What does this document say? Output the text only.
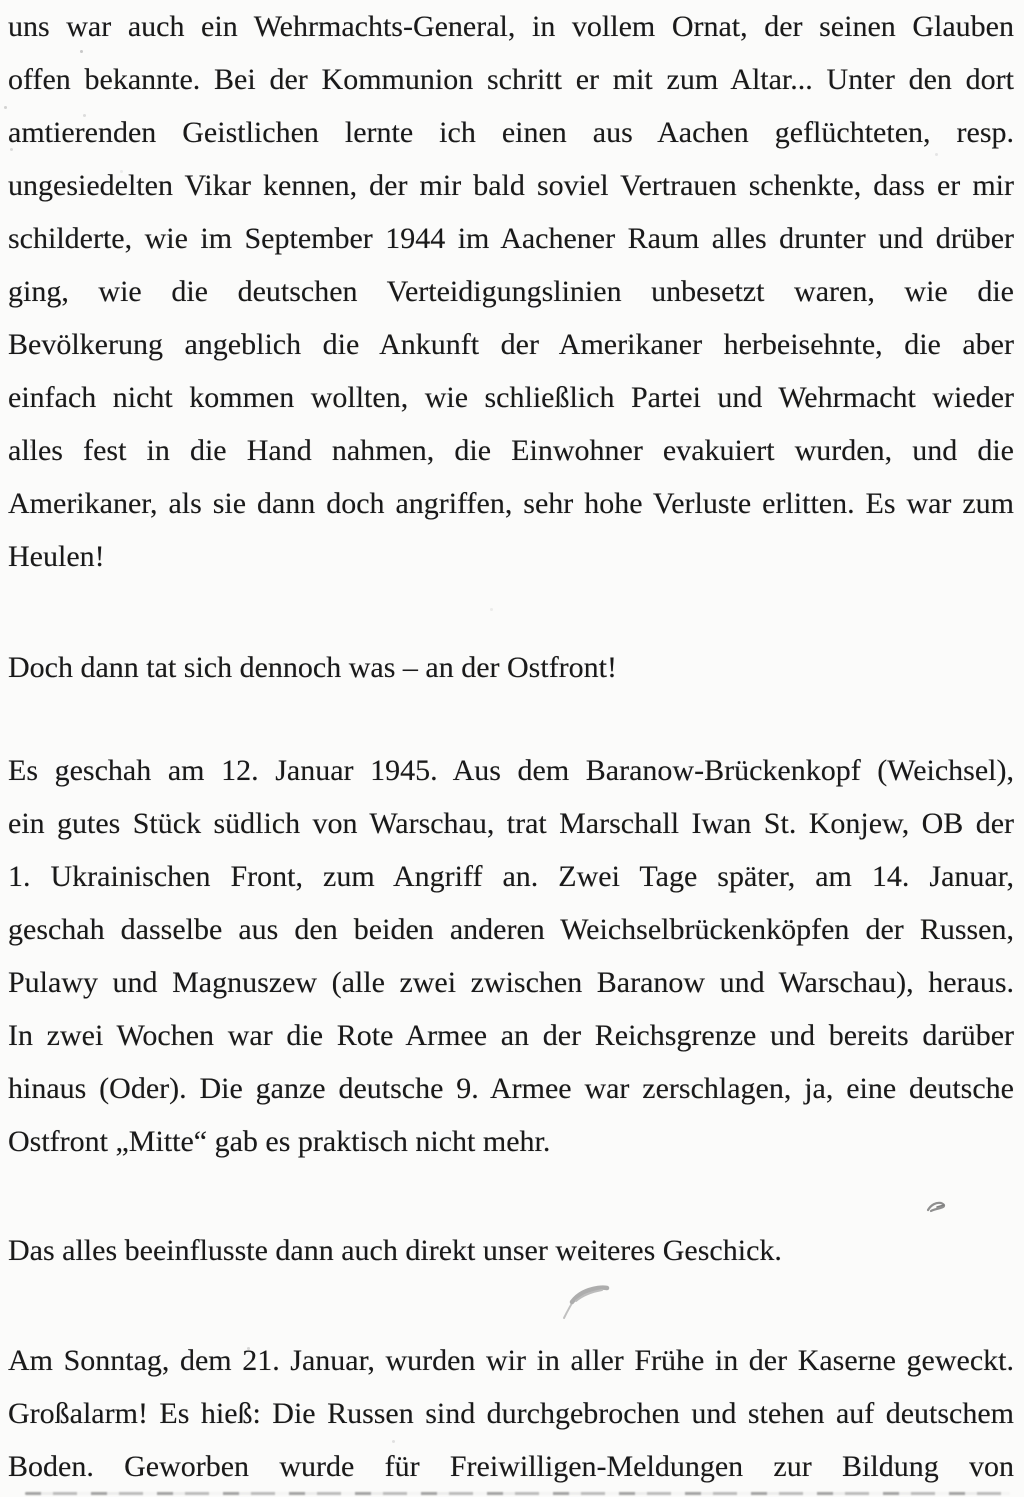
uns war auch ein Wehrmachts-General, in vollem Ornat, der seinen Glauben
offen bekannte. Bei der Kommunion schritt er mit zum Altar... Unter den dort
amtierenden Geistlichen lernte ich einen aus Aachen geflüchteten, resp.
ungesiedelten Vikar kennen, der mir bald soviel Vertrauen schenkte, dass er mir
schilderte, wie im September 1944 im Aachener Raum alles drunter und drüber
ging, wie die deutschen Verteidigungslinien unbesetzt waren, wie die
Bevölkerung angeblich die Ankunft der Amerikaner herbeisehnte, die aber
einfach nicht kommen wollten, wie schließlich Partei und Wehrmacht wieder
alles fest in die Hand nahmen, die Einwohner evakuiert wurden, und die
Amerikaner, als sie dann doch angriffen, sehr hohe Verluste erlitten. Es war zum
Heulen!
Doch dann tat sich dennoch was – an der Ostfront!
Es geschah am 12. Januar 1945. Aus dem Baranow-Brückenkopf (Weichsel),
ein gutes Stück südlich von Warschau, trat Marschall Iwan St. Konjew, OB der
1. Ukrainischen Front, zum Angriff an. Zwei Tage später, am 14. Januar,
geschah dasselbe aus den beiden anderen Weichselbrückenköpfen der Russen,
Pulawy und Magnuszew (alle zwei zwischen Baranow und Warschau), heraus.
In zwei Wochen war die Rote Armee an der Reichsgrenze und bereits darüber
hinaus (Oder). Die ganze deutsche 9. Armee war zerschlagen, ja, eine deutsche
Ostfront „Mitte“ gab es praktisch nicht mehr.
Das alles beeinflusste dann auch direkt unser weiteres Geschick.
Am Sonntag, dem 21. Januar, wurden wir in aller Frühe in der Kaserne geweckt.
Großalarm! Es hieß: Die Russen sind durchgebrochen und stehen auf deutschem
Boden. Geworben wurde für Freiwilligen-Meldungen zur Bildung von
